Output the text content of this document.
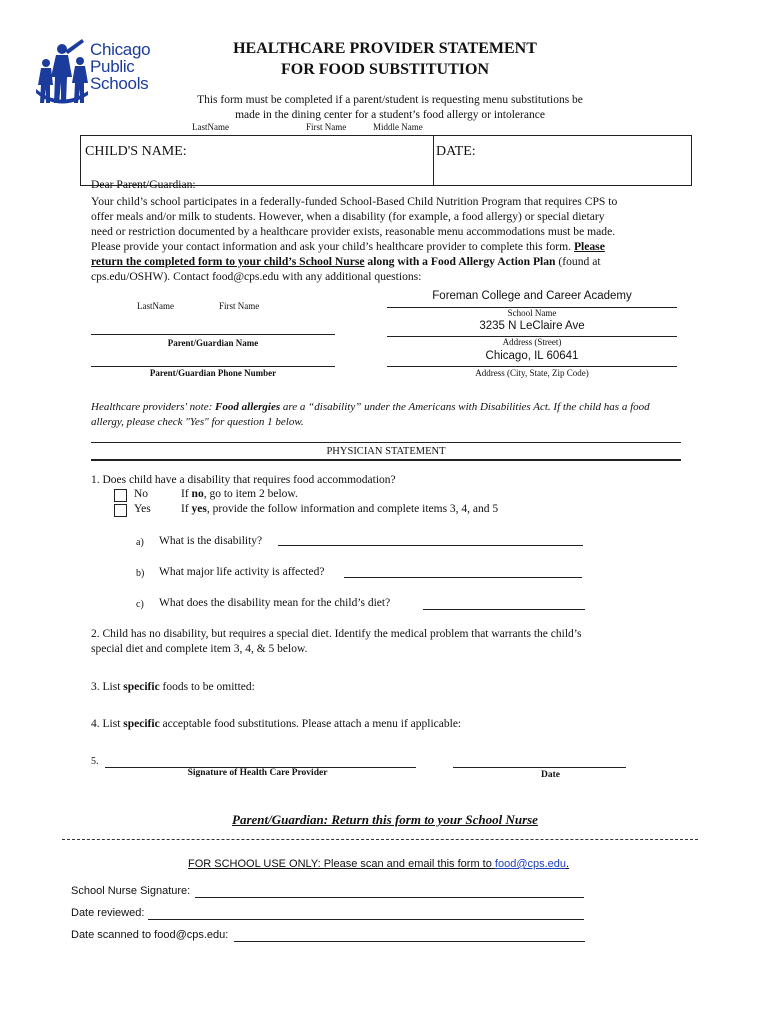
Chicago
Public
Schools
HEALTHCARE PROVIDER STATEMENT
FOR FOOD SUBSTITUTION
This form must be completed if a parent/student is requesting menu substitutions be
made in the dining center for a student’s food allergy or intolerance
LastName	First Name	Middle Name
CHILD'S NAME:	DATE:
Dear Parent/Guardian:
Your child’s school participates in a federally-funded School-Based Child Nutrition Program that requires CPS to
offer meals and/or milk to students. However, when a disability (for example, a food allergy) or special dietary
need or restriction documented by a healthcare provider exists, reasonable menu accommodations must be made.
Please provide your contact information and ask your child’s healthcare provider to complete this form. Please
return the completed form to your child’s School Nurse along with a Food Allergy Action Plan (found at
cps.edu/OSHW). Contact food@cps.edu with any additional questions:
LastName	First Name
Parent/Guardian Name
Parent/Guardian Phone Number
Foreman College and Career Academy
School Name
3235 N LeClaire Ave
Address (Street)
Chicago, IL 60641
Address (City, State, Zip Code)
Healthcare providers' note: Food allergies are a “disability” under the Americans with Disabilities Act. If the child has a food
allergy, please check "Yes" for question 1 below.
PHYSICIAN STATEMENT
1. Does child have a disability that requires food accommodation?
No	If no, go to item 2 below.
Yes	If yes, provide the follow information and complete items 3, 4, and 5
a) What is the disability?
b) What major life activity is affected?
c) What does the disability mean for the child’s diet?
2. Child has no disability, but requires a special diet. Identify the medical problem that warrants the child’s
special diet and complete item 3, 4, & 5 below.
3. List specific foods to be omitted:
4. List specific acceptable food substitutions. Please attach a menu if applicable:
5.
Signature of Health Care Provider	Date
Parent/Guardian: Return this form to your School Nurse
FOR SCHOOL USE ONLY: Please scan and email this form to food@cps.edu.
School Nurse Signature:
Date reviewed:
Date scanned to food@cps.edu:
